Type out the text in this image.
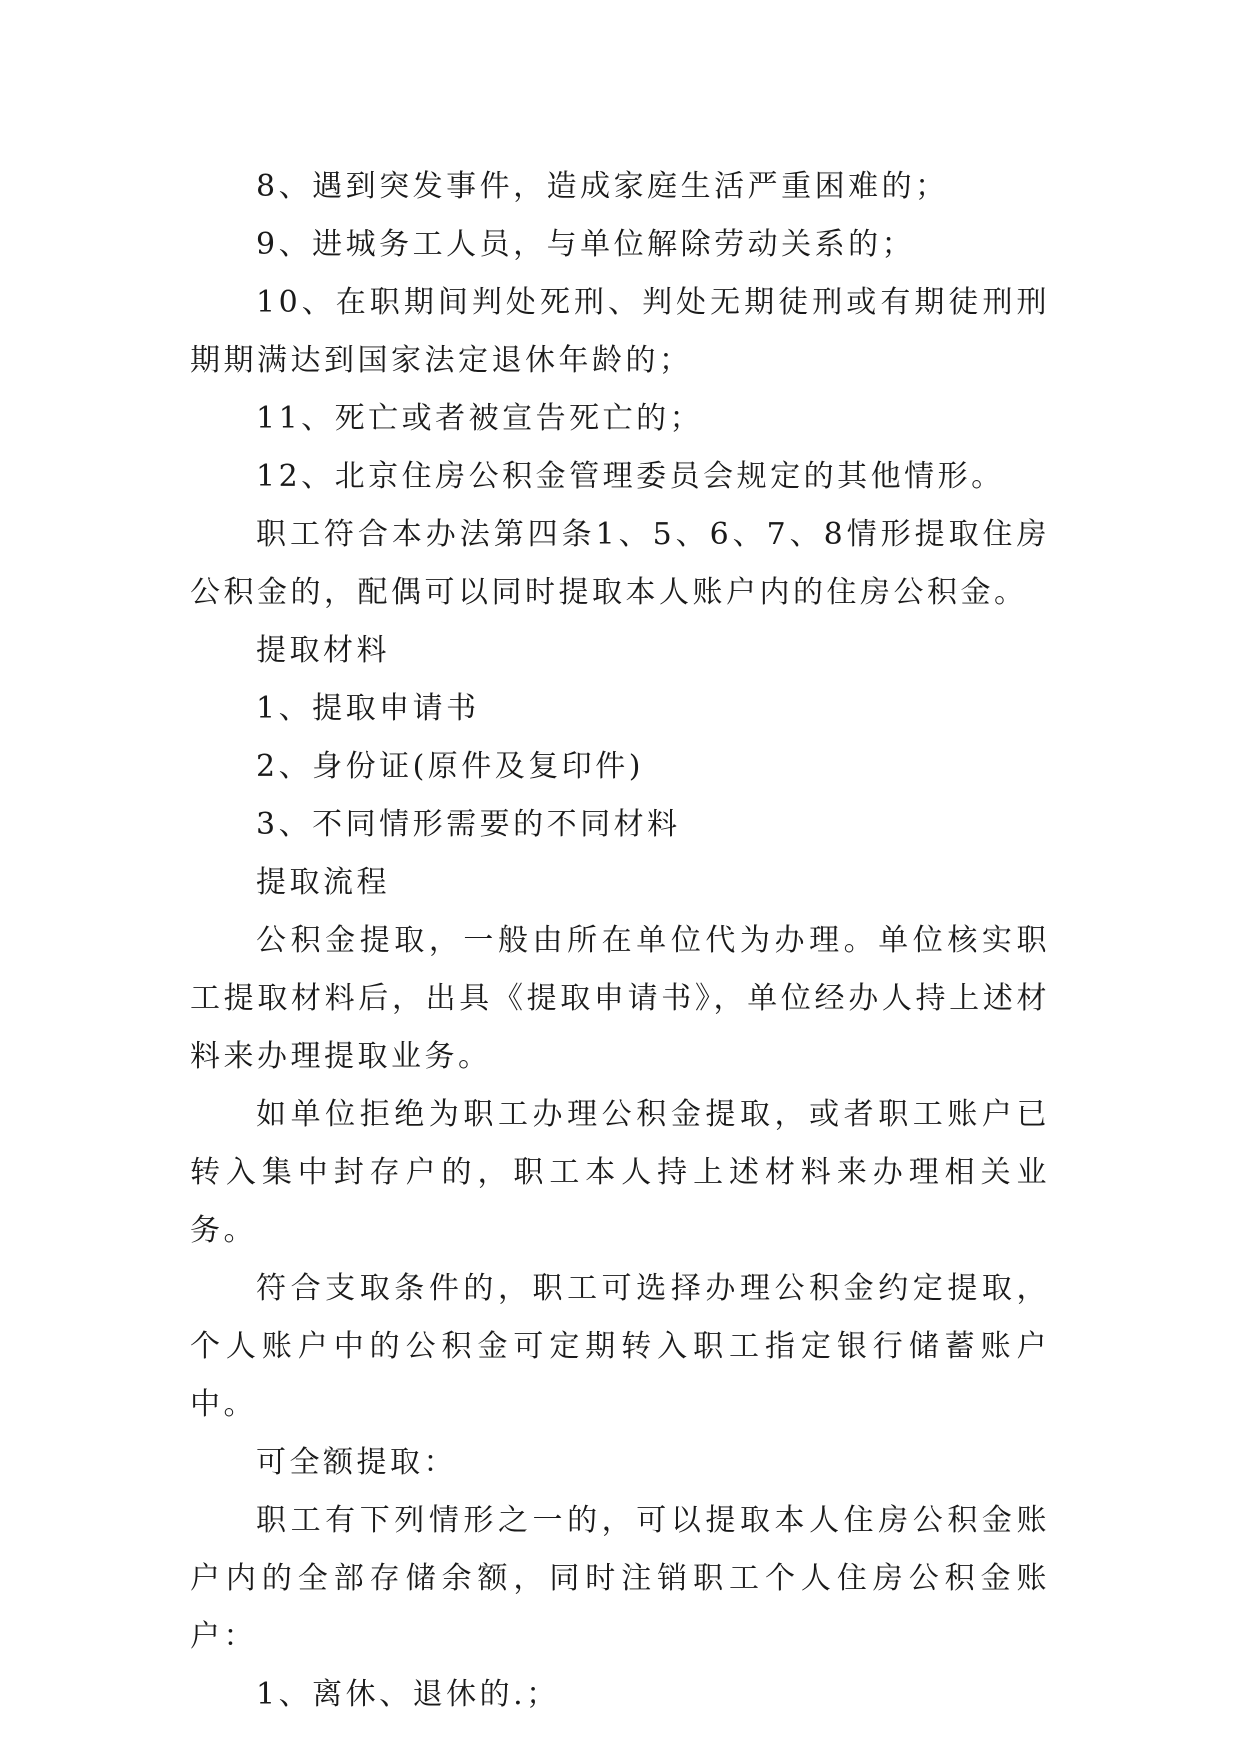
8、遇到突发事件，造成家庭生活严重困难的；

9、进城务工人员，与单位解除劳动关系的；

10、在职期间判处死刑、判处无期徒刑或有期徒刑刑期期满达到国家法定退休年龄的；

11、死亡或者被宣告死亡的；

12、北京住房公积金管理委员会规定的其他情形。

职工符合本办法第四条1、5、6、7、8情形提取住房公积金的，配偶可以同时提取本人账户内的住房公积金。

提取材料

1、提取申请书

2、身份证(原件及复印件)

3、不同情形需要的不同材料

提取流程

公积金提取，一般由所在单位代为办理。单位核实职工提取材料后，出具《提取申请书》，单位经办人持上述材料来办理提取业务。

如单位拒绝为职工办理公积金提取，或者职工账户已转入集中封存户的，职工本人持上述材料来办理相关业务。

符合支取条件的，职工可选择办理公积金约定提取，个人账户中的公积金可定期转入职工指定银行储蓄账户中。

可全额提取：

职工有下列情形之一的，可以提取本人住房公积金账户内的全部存储余额，同时注销职工个人住房公积金账户：

1、离休、退休的.；
